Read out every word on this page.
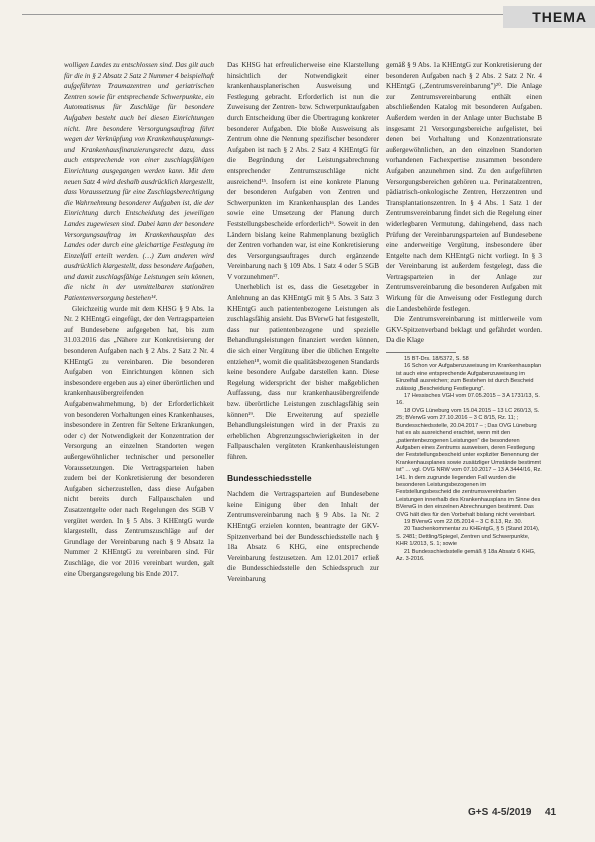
THEMA

wolligen Landes zu entschlossen sind. Das gilt auch für die in § 2 Absatz 2 Satz 2 Nummer 4 beispielhaft aufgeführten Traumazentren und geriatrischen Zentren sowie für entsprechende Schwerpunkte, ein Automatismus für Zuschläge für besondere Aufgaben besteht auch bei diesen Einrichtungen nicht. Ihre besondere Versorgungsauftrag führt wegen der Verknüpfung von Krankenhausplanungs- und Krankenhausfinanzierungsrecht dazu, dass auch entsprechende von einer zuschlagsfähigen Einrichtung ausgegangen werden kann. Mit dem neuen Satz 4 wird deshalb ausdrücklich klargestellt, dass Voraussetzung für eine Zuschlagsberechtigung die Wahrnehmung besonderer Aufgaben ist, die der Einrichtung durch Entscheidung des jeweiligen Landes zugewiesen sind. Dabei kann der besondere Versorgungsauftrag im Krankenhausplan des Landes oder durch eine gleichartige Festlegung im Einzelfall erteilt werden. (…) Zum anderen wird ausdrücklich klargestellt, dass besondere Aufgaben, und damit zuschlagsfähige Leistungen sein können, die nicht in der unmittelbaren stationären Patientenversorgung bestehen¹⁴.

Gleichzeitig wurde mit dem KHSG § 9 Abs. 1a Nr. 2 KHEntgG eingefügt, der den Vertragsparteien auf Bundesebene aufgegeben hat, bis zum 31.03.2016 das „Nähere zur Konkretisierung der besonderen Aufgaben nach § 2 Abs. 2 Satz 2 Nr. 4 KHEntgG zu vereinbaren. Die besonderen Aufgaben von Einrichtungen können sich insbesondere ergeben aus a) einer überörtlichen und krankenhausübergreifenden Aufgabenwahrnehmung, b) der Erforderlichkeit von besonderen Vorhaltungen eines Krankenhauses, insbesondere in Zentren für Seltene Erkrankungen, oder c) der Notwendigkeit der Konzentration der Versorgung an einzelnen Standorten wegen außergewöhnlicher technischer und personeller Voraussetzungen. Die Vertragsparteien haben zudem bei der Konkretisierung der besonderen Aufgaben sicherzustellen, dass diese Aufgaben nicht bereits durch Fallpauschalen und Zusatzentgelte oder nach Regelungen des SGB V vergütet werden. In § 5 Abs. 3 KHEntgG wurde klargestellt, dass Zentrumszuschläge auf der Grundlage der Vereinbarung nach § 9 Absatz 1a Nummer 2 KHEntgG zu vereinbaren sind. Für Zuschläge, die vor 2016 vereinbart wurden, galt eine Übergangsregelung bis Ende 2017.

Das KHSG hat erfreulicherweise eine Klarstellung hinsichtlich der Notwendigkeit einer krankenhausplanerischen Ausweisung und Festlegung gebracht. Erforderlich ist nun die Zuweisung der Zentren- bzw. Schwerpunktaufgaben durch Entscheidung über die Übertragung konkreter besonderer Aufgaben. Die bloße Ausweisung als Zentrum ohne die Nennung spezifischer besonderer Aufgaben ist nach § 2 Abs. 2 Satz 4 KHEntgG für die Begründung der Leistungsabrechnung entsprechender Zentrumszuschläge nicht ausreichend¹⁵. Insofern ist eine konkrete Planung der besonderen Aufgaben von Zentren und Schwerpunkten im Krankenhausplan des Landes sowie eine Umsetzung der Planung durch Feststellungsbescheide erforderlich¹⁶. Soweit in den Ländern bislang keine Rahmenplanung bezüglich der Zentren vorhanden war, ist eine Konkretisierung des Versorgungsauftrages durch ergänzende Vereinbarung nach § 109 Abs. 1 Satz 4 oder 5 SGB V vorzunehmen¹⁷.

Unerheblich ist es, dass die Gesetzgeber in Anlehnung an das KHEntgG mit § 5 Abs. 3 Satz 3 KHEntgG auch patientenbezogene Leistungen als zuschlagsfähig ansieht. Das BVerwG hat festgestellt, dass nur patientenbezogene und spezielle Behandlungsleistungen finanziert werden können, die sich einer Vergütung über die üblichen Entgelte entziehen¹⁸, womit die qualitätsbezogenen Standards keine besondere Aufgabe darstellen kann. Diese Regelung widerspricht der bisher maßgeblichen Auffassung, dass nur krankenhausübergreifende bzw. überörtliche Leistungen zuschlagsfähig sein können¹⁹. Die Erweiterung auf spezielle Behandlungsleistungen wird in der Praxis zu erheblichen Abgrenzungsschwierigkeiten in der Fallpauschalen vergüteten Krankenhausleistungen führen.

Bundesschiedsstelle

Nachdem die Vertragsparteien auf Bundesebene keine Einigung über den Inhalt der Zentrumsvereinbarung nach § 9 Abs. 1a Nr. 2 KHEntgG erzielen konnten, beantragte der GKV-Spitzenverband bei der Bundesschiedsstelle nach § 18a Absatz 6 KHG, eine entsprechende Vereinbarung festzusetzen. Am 12.01.2017 erließ die Bundesschiedsstelle den Schiedsspruch zur Vereinbarung

gemäß § 9 Abs. 1a KHEntgG zur Konkretisierung der besonderen Aufgaben nach § 2 Abs. 2 Satz 2 Nr. 4 KHEntgG („Zentrumsvereinbarung")²⁰. Die Anlage zur Zentrumsvereinbarung enthält einen abschließenden Katalog mit besonderen Aufgaben. Außerdem werden in der Anlage unter Buchstabe B insgesamt 21 Versorgungsbereiche aufgelistet, bei denen bei Vorhaltung und Konzentrationsrate außergewöhnlichen, an den einzelnen Standorten vorhandenen Fachexpertise zusammen besondere Aufgaben anzunehmen sind. Zu den aufgeführten Versorgungsbereichen gehören u.a. Perinatalzentren, pädiatrisch-onkologische Zentren, Herzzentren und Transplantationszentren. In § 4 Abs. 1 Satz 1 der Zentrumsvereinbarung findet sich die Regelung einer widerlegbaren Vermutung, dahingehend, dass nach Prüfung der Vereinbarungsparteien auf Bundesebene eine anderweitige Vergütung, insbesondere über Entgelte nach dem KHEntgG nicht vorliegt. In § 3 der Vereinbarung ist außerdem festgelegt, dass die Vertragsparteien in der Anlage zur Zentrumsvereinbarung die besonderen Aufgaben mit Wirkung für die Anweisung oder Festlegung durch die Landesbehörde festlegen.

Die Zentrumsvereinbarung ist mittlerweile vom GKV-Spitzenverband beklagt und gefährdet worden. Da die Klage

15 BT-Drs. 18/5372, S. 58

16 Schon vor Aufgabenzuweisung im Krankenhausplan ist auch eine entsprechende Aufgabenzuweisung im Einzelfall ausreichen; zum Bestehen ist durch Bescheid zulässig „Bescheidung Festlegung".

17 Hessisches VGH vom 07.05.2015 – 3 A 1731/13, S. 16.

18 OVG Lüneburg vom 15.04.2015 – 13 LC 260/13, S. 25; BVerwG vom 27.10.2016 – 3 C 8/15, Rz. 11; ; Bundesschiedsstelle, 20.04.2017 – ; Das OVG Lüneburg hat es als ausreichend erachtet, wenn mit den „patientenbezogenen Leistungen" die besonderen Aufgaben eines Zentrums ausweisen, deren Festlegung der Feststellungsbescheid unter expliziter Benennung der Krankenhausplanes sowie zusätzliger Umstände bestimmt ist" … vgl. OVG NRW vom 07.10.2017 – 13 A 3444/16, Rz. 141. In dem zugrunde liegenden Fall wurden die besonderen Leistungsbezogenen im Feststellungsbescheid die zentrumsvereinbarten Leistungen innerhalb des Krankenhausplans im Sinne des BVerwG in den einzelnen Abrechnungen bestimmt. Das OVG hält dies für den Vorbehalt bislang nicht vereinbart.

19 BVerwG vom 22.05.2014 – 3 C 8.13, Rz. 30.

20 Taschenkommentar zu KHEntgG, § 5 (Stand 2014), S. 2481; Dettling/Spiegel, Zentren und Schwerpunkte, KHR 1/2013, S. 1; sowie

21 Bundesschiedsstelle gemäß § 18a Absatz 6 KHG, Az. 3-2016.

G+S 4-5/2019 41
